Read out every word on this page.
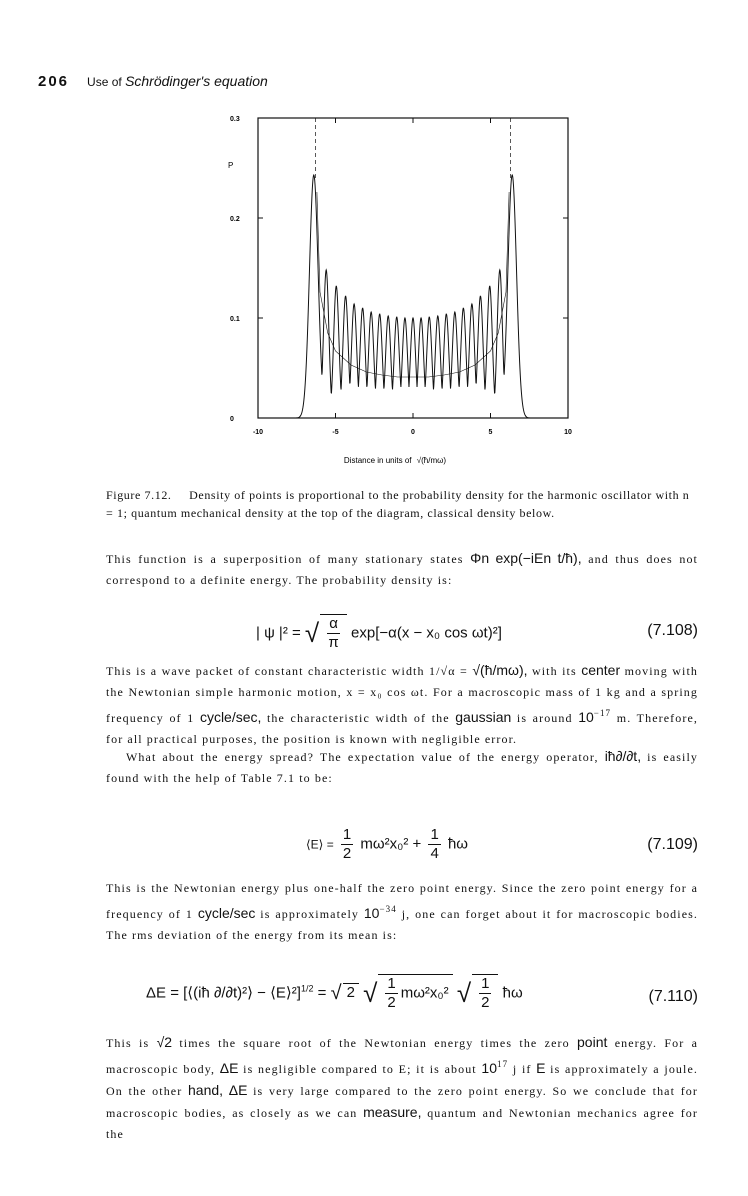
206 Use of Schrödinger's equation
P
0
0.1
0.2
0.3
-10	-5	0	5	10
Distance in units of √(ħ/mω)
Figure 7.12. Density of points is proportional to the probability density for the harmonic oscillator with n = 1; quantum mechanical density at the top of the diagram, classical density below.
This function is a superposition of many stationary states Φn exp(−iEn t/ħ), and thus does not correspond to a definite energy. The probability density is:
| ψ |² = √ $\frac{\alpha}{\pi} \exp[-\alpha(x - x_0$ cos ωt)²]	(7.108)
This is a wave packet of constant characteristic width 1/√α = √(ħ/mω), with its center moving with the Newtonian simple harmonic motion, x = x₀ cos ωt. For a macroscopic mass of 1 kg and a spring frequency of 1 cycle/sec, the characteristic width of the gaussian is around $10^{-17}$ m. Therefore, for all practical purposes, the position is known with negligible error.
What about the energy spread? The expectation value of the energy operator, iħ∂/∂t, is easily found with the help of Table 7.1 to be:
⟨E⟩ = $\frac{1}{2} m\omega^2x_0^2 + \frac{1}{4}$ ħω	(7.109)
This is the Newtonian energy plus one-half the zero point energy. Since the zero point energy for a frequency of 1 cycle/sec is approximately $10^{-34}$ j, one can forget about it for macroscopic bodies. The rms deviation of the energy from its mean is:
ΔE = [⟨(iħ ∂/∂t)²⟩ − ⟨E⟩²]$^{1/2}$ = √ 2 √ $\frac{1}{2} m\omega^2x_0^2$ √ $\frac{1}{2}$ ħω	(7.110)
This is √2 times the square root of the Newtonian energy times the zero point energy. For a macroscopic body, ΔE is negligible compared to E; it is about $10^{17}$ j if E is approximately a joule. On the other hand, ΔE is very large compared to the zero point energy. So we conclude that for macroscopic bodies, as closely as we can measure, quantum and Newtonian mechanics agree for the
